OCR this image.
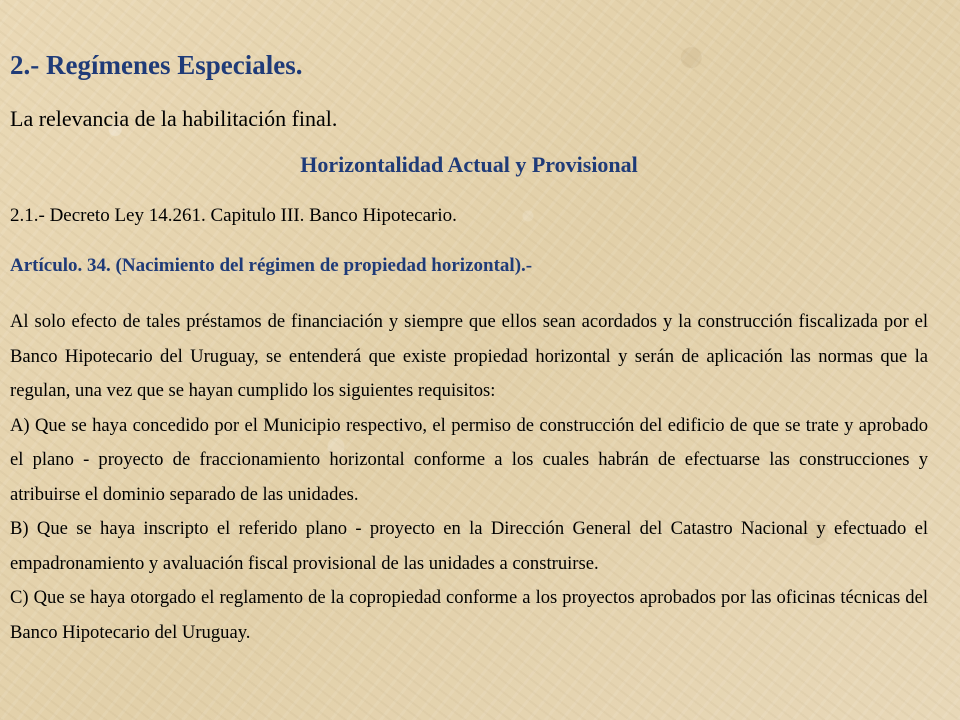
2.- Regímenes Especiales.
La relevancia de la habilitación final.
Horizontalidad Actual y Provisional
2.1.- Decreto Ley 14.261. Capitulo III. Banco Hipotecario.
Artículo. 34. (Nacimiento del régimen de propiedad horizontal).-

Al solo efecto de tales préstamos de financiación y siempre que ellos sean acordados y la construcción fiscalizada por el Banco Hipotecario del Uruguay, se entenderá que existe propiedad horizontal y serán de aplicación las normas que la regulan, una vez que se hayan cumplido los siguientes requisitos:

A) Que se haya concedido por el Municipio respectivo, el permiso de construcción del edificio de que se trate y aprobado el plano - proyecto de fraccionamiento horizontal conforme a los cuales habrán de efectuarse las construcciones y atribuirse el dominio separado de las unidades.

B) Que se haya inscripto el referido plano - proyecto en la Dirección General del Catastro Nacional y efectuado el empadronamiento y avaluación fiscal provisional de las unidades a construirse.

C) Que se haya otorgado el reglamento de la copropiedad conforme a los proyectos aprobados por las oficinas técnicas del Banco Hipotecario del Uruguay.
